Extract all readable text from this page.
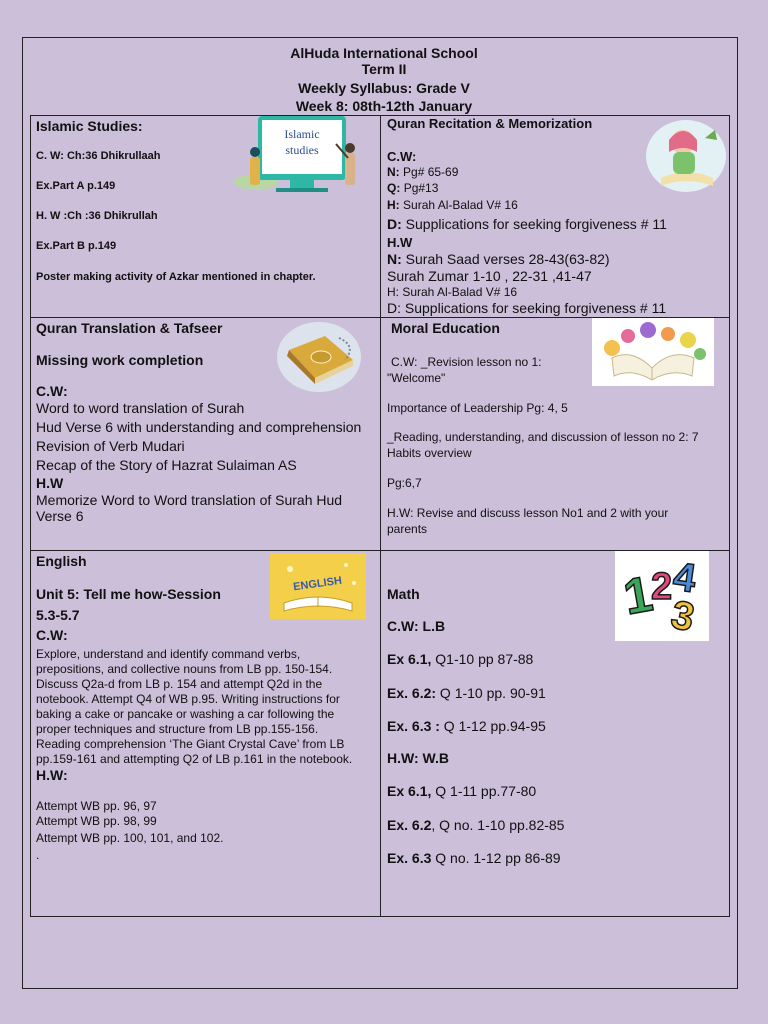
AlHuda International School
Term II
Weekly Syllabus: Grade V
Week 8: 08th-12th January
Islamic Studies:
C. W: Ch:36 Dhikrullaah
Ex.Part A p.149
H. W :Ch :36 Dhikrullah
Ex.Part B p.149
Poster making activity of Azkar mentioned in chapter.
Islamic
studies
Quran Recitation & Memorization
C.W:
N: Pg# 65-69
Q: Pg#13
H: Surah Al-Balad V# 16
D: Supplications for seeking forgiveness # 11
H.W
N: Surah Saad verses 28-43(63-82)
Surah Zumar 1-10 , 22-31 ,41-47
H: Surah Al-Balad V# 16
D: Supplications for seeking forgiveness # 11
Quran Translation & Tafseer
Missing work completion
C.W:
Word to word translation of Surah
Hud Verse 6 with understanding and comprehension
Revision of Verb Mudari
Recap of the Story of Hazrat Sulaiman AS
H.W
Memorize Word to Word translation of Surah Hud
Verse 6
Moral Education
C.W: _Revision lesson no 1:
"Welcome"
Importance of Leadership Pg: 4, 5
_Reading, understanding, and discussion of lesson no 2: 7
Habits overview
Pg:6,7
H.W: Revise and discuss lesson No1 and 2 with your
parents
English
Unit 5: Tell me how-Session
5.3-5.7
C.W:
Explore, understand and identify command verbs,
prepositions, and collective nouns from LB pp. 150-154.
Discuss Q2a-d from LB p. 154 and attempt Q2d in the
notebook. Attempt Q4 of WB p.95. Writing instructions for
baking a cake or pancake or washing a car following the
proper techniques and structure from LB pp.155-156.
Reading comprehension ‘The Giant Crystal Cave’ from LB
pp.159-161 and attempting Q2 of LB p.161 in the notebook.
H.W:
Attempt WB pp. 96, 97
Attempt WB pp. 98, 99
Attempt WB pp. 100, 101, and 102.
.
ENGLISH
Math
C.W: L.B
Ex 6.1, Q1-10 pp 87-88
Ex. 6.2: Q 1-10 pp. 90-91
Ex. 6.3 : Q 1-12 pp.94-95
H.W: W.B
Ex 6.1, Q 1-11 pp.77-80
Ex. 6.2, Q no. 1-10 pp.82-85
Ex. 6.3 Q no. 1-12 pp 86-89
1
2
3
4
